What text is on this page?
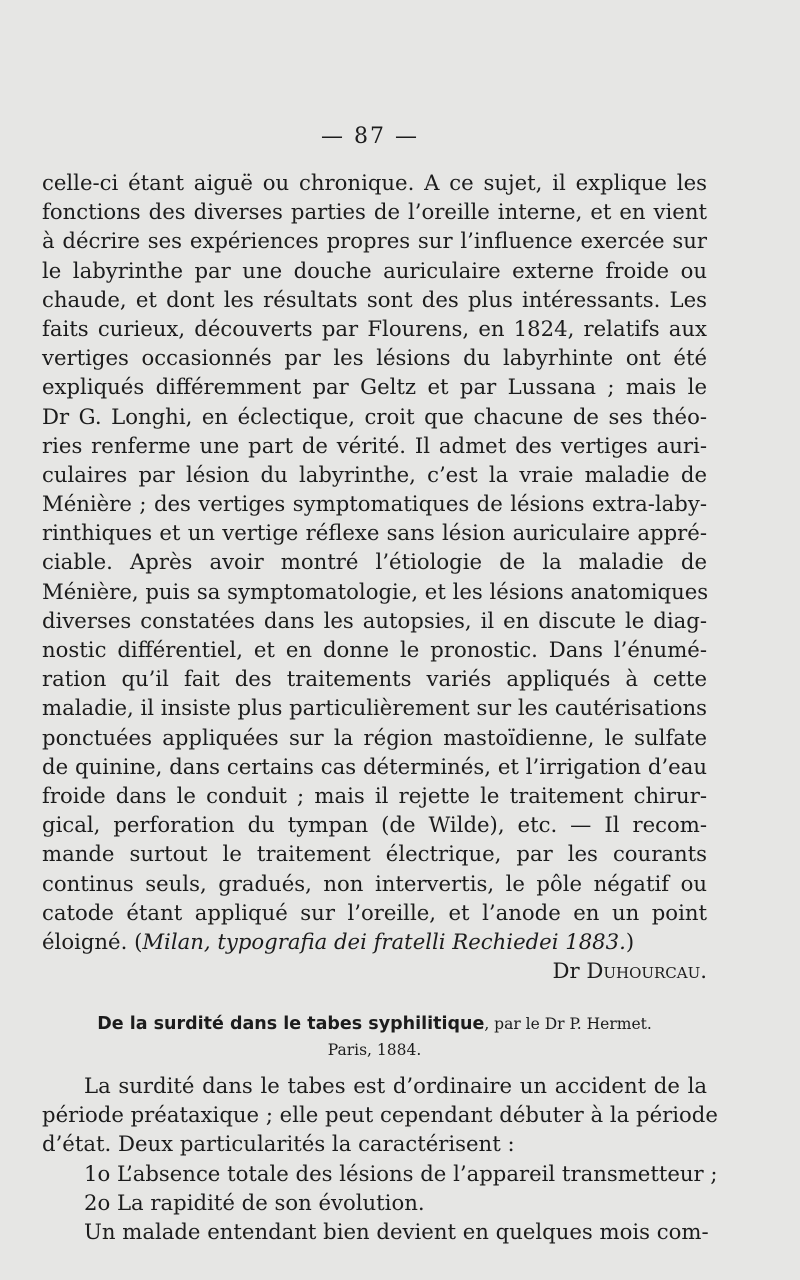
— 87 —
celle-ci étant aiguë ou chronique. A ce sujet, il explique les
fonctions des diverses parties de l’oreille interne, et en vient
à décrire ses expériences propres sur l’influence exercée sur
le labyrinthe par une douche auriculaire externe froide ou
chaude, et dont les résultats sont des plus intéressants. Les
faits curieux, découverts par Flourens, en 1824, relatifs aux
vertiges occasionnés par les lésions du labyrhinte ont été
expliqués différemment par Geltz et par Lussana ; mais le
Dr G. Longhi, en éclectique, croit que chacune de ses théo-
ries renferme une part de vérité. Il admet des vertiges auri-
culaires par lésion du labyrinthe, c’est la vraie maladie de
Ménière ; des vertiges symptomatiques de lésions extra-laby-
rinthiques et un vertige réflexe sans lésion auriculaire appré-
ciable. Après avoir montré l’étiologie de la maladie de
Ménière, puis sa symptomatologie, et les lésions anatomiques
diverses constatées dans les autopsies, il en discute le diag-
nostic différentiel, et en donne le pronostic. Dans l’énumé-
ration qu’il fait des traitements variés appliqués à cette
maladie, il insiste plus particulièrement sur les cautérisations
ponctuées appliquées sur la région mastoïdienne, le sulfate
de quinine, dans certains cas déterminés, et l’irrigation d’eau
froide dans le conduit ; mais il rejette le traitement chirur-
gical, perforation du tympan (de Wilde), etc. — Il recom-
mande surtout le traitement électrique, par les courants
continus seuls, gradués, non intervertis, le pôle négatif ou
catode étant appliqué sur l’oreille, et l’anode en un point
éloigné. (Milan, typografia dei fratelli Rechiedei 1883.)
Dr Duhourcau.
De la surdité dans le tabes syphilitique, par le Dr P. Hermet.
Paris, 1884.
La surdité dans le tabes est d’ordinaire un accident de la
période préataxique ; elle peut cependant débuter à la période
d’état. Deux particularités la caractérisent :
1o L’absence totale des lésions de l’appareil transmetteur ;
2o La rapidité de son évolution.
Un malade entendant bien devient en quelques mois com-
